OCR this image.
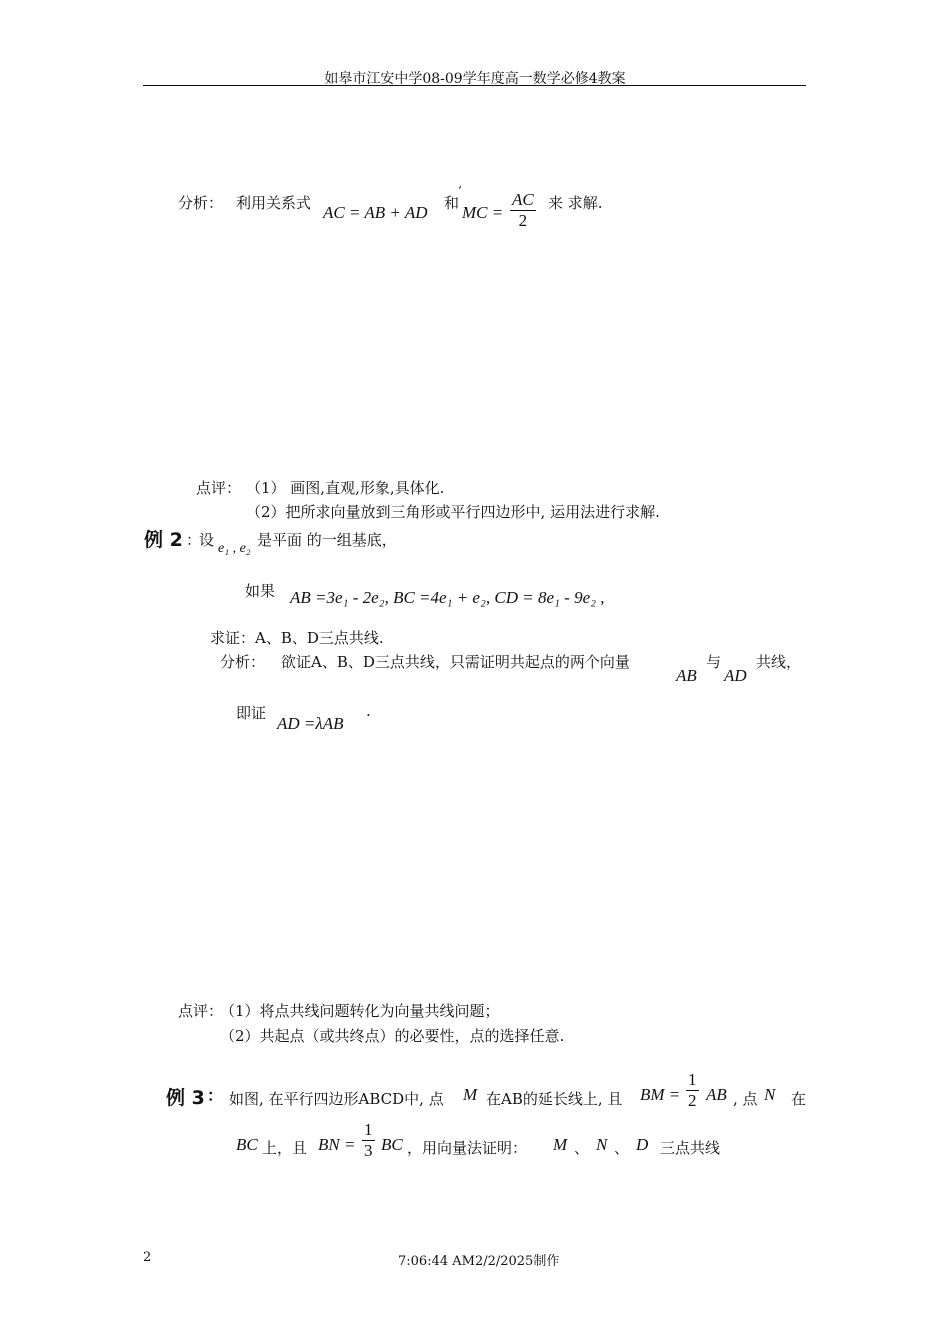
如皋市江安中学08-09学年度高一数学必修4教案
分析： 利用关系式 AC = AB + AD 和
’
MC = $\frac{AC}{2}$ 来 求解.
点评： （1） 画图,直观,形象,具体化.
（2）把所求向量放到三角形或平行四边形中, 运用法进行求解.
例 2 ：
设 e₁ , e₂ 是平面 的一组基底，
如果 AB =3e₁ - 2e₂, BC =4e₁ + e₂, CD = 8e₁ - 9e₂ ,
求证：A、B、D三点共线.
分析： 欲证A、B、D三点共线，只需证明共起点的两个向量
AB
与
AD
共线，
即证
AD =λAB
.
点评：
（1）将点共线问题转化为向量共线问题；
（2）共起点（或共终点）的必要性，点的选择任意.
例 3 ： 如图, 在平行四边形ABCD中, 点 M 在AB的延长线上, 且 BM = $\frac{1}{2}$ AB , 点 N 在
BC 上，且 BN = $\frac{1}{3}$ BC ，用向量法证明： M 、 N 、 D 三点共线
2	7:06:44 AM2/2/2025制作
